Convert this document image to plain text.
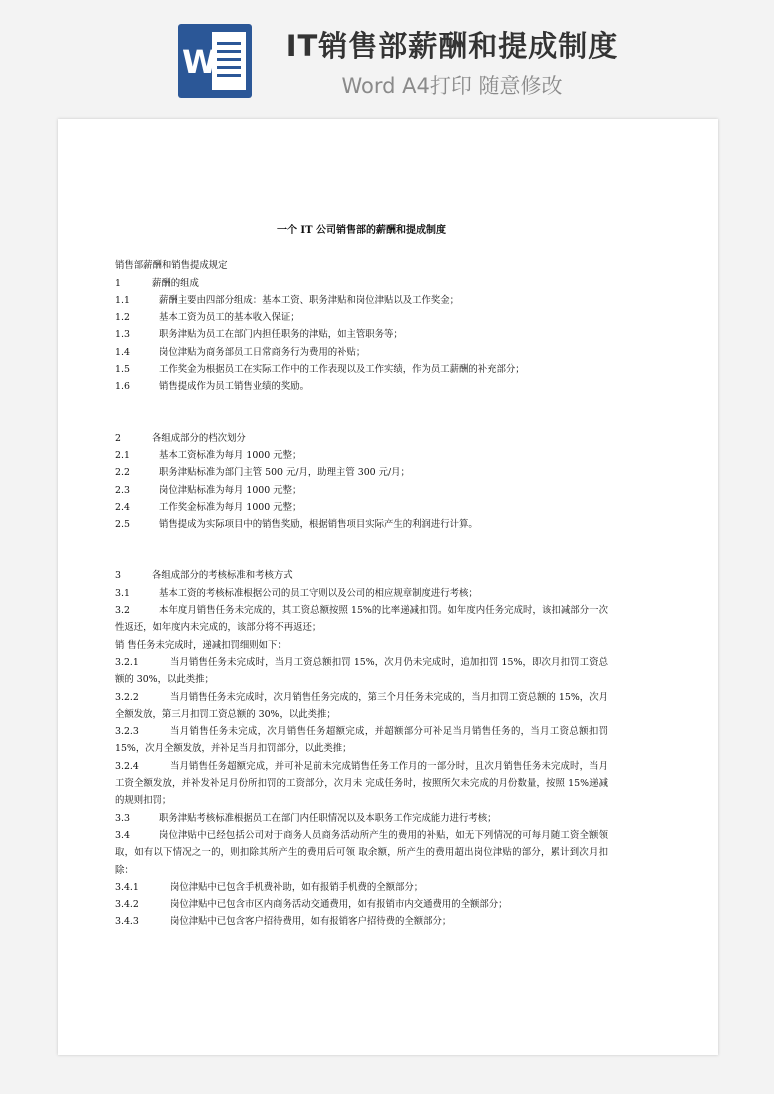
W	IT销售部薪酬和提成制度
Word A4打印 随意修改
一个 IT 公司销售部的薪酬和提成制度
销售部薪酬和销售提成规定
1	薪酬的组成
1.1	薪酬主要由四部分组成：基本工资、职务津贴和岗位津贴以及工作奖金；
1.2	基本工资为员工的基本收入保证；
1.3	职务津贴为员工在部门内担任职务的津贴，如主管职务等；
1.4	岗位津贴为商务部员工日常商务行为费用的补贴；
1.5	工作奖金为根据员工在实际工作中的工作表现以及工作实绩，作为员工薪酬的补充部分；
1.6	销售提成作为员工销售业绩的奖励。
2	各组成部分的档次划分
2.1	基本工资标准为每月 1000 元整；
2.2	职务津贴标准为部门主管 500 元/月，助理主管 300 元/月；
2.3	岗位津贴标准为每月 1000 元整；
2.4	工作奖金标准为每月 1000 元整；
2.5	销售提成为实际项目中的销售奖励，根据销售项目实际产生的利润进行计算。
3	各组成部分的考核标准和考核方式
3.1	基本工资的考核标准根据公司的员工守则以及公司的相应规章制度进行考核；
3.2	本年度月销售任务未完成的，其工资总额按照 15%的比率递减扣罚。如年度内任务完成时，该扣减部分一次性返还，如年度内未完成的，该部分将不再返还；
销 售任务未完成时，递减扣罚细则如下：
3.2.1	当月销售任务未完成时，当月工资总额扣罚 15%，次月仍未完成时，追加扣罚 15%，即次月扣罚工资总额的 30%，以此类推；
3.2.2	当月销售任务未完成时，次月销售任务完成的，第三个月任务未完成的，当月扣罚工资总额的 15%，次月全额发放，第三月扣罚工资总额的 30%，以此类推；
3.2.3	当月销售任务未完成，次月销售任务超额完成，并超额部分可补足当月销售任务的，当月工资总额扣罚 15%，次月全额发放，并补足当月扣罚部分，以此类推；
3.2.4	当月销售任务超额完成，并可补足前未完成销售任务工作月的一部分时，且次月销售任务未完成时，当月工资全额发放，并补发补足月份所扣罚的工资部分，次月未 完成任务时，按照所欠未完成的月份数量，按照 15%递减的规则扣罚；
3.3	职务津贴考核标准根据员工在部门内任职情况以及本职务工作完成能力进行考核；
3.4	岗位津贴中已经包括公司对于商务人员商务活动所产生的费用的补贴，如无下列情况的可每月随工资全额领取，如有以下情况之一的，则扣除其所产生的费用后可领 取余额，所产生的费用超出岗位津贴的部分，累计到次月扣除：
3.4.1	岗位津贴中已包含手机费补助，如有报销手机费的全额部分；
3.4.2	岗位津贴中已包含市区内商务活动交通费用，如有报销市内交通费用的全额部分；
3.4.3	岗位津贴中已包含客户招待费用，如有报销客户招待费的全额部分；
